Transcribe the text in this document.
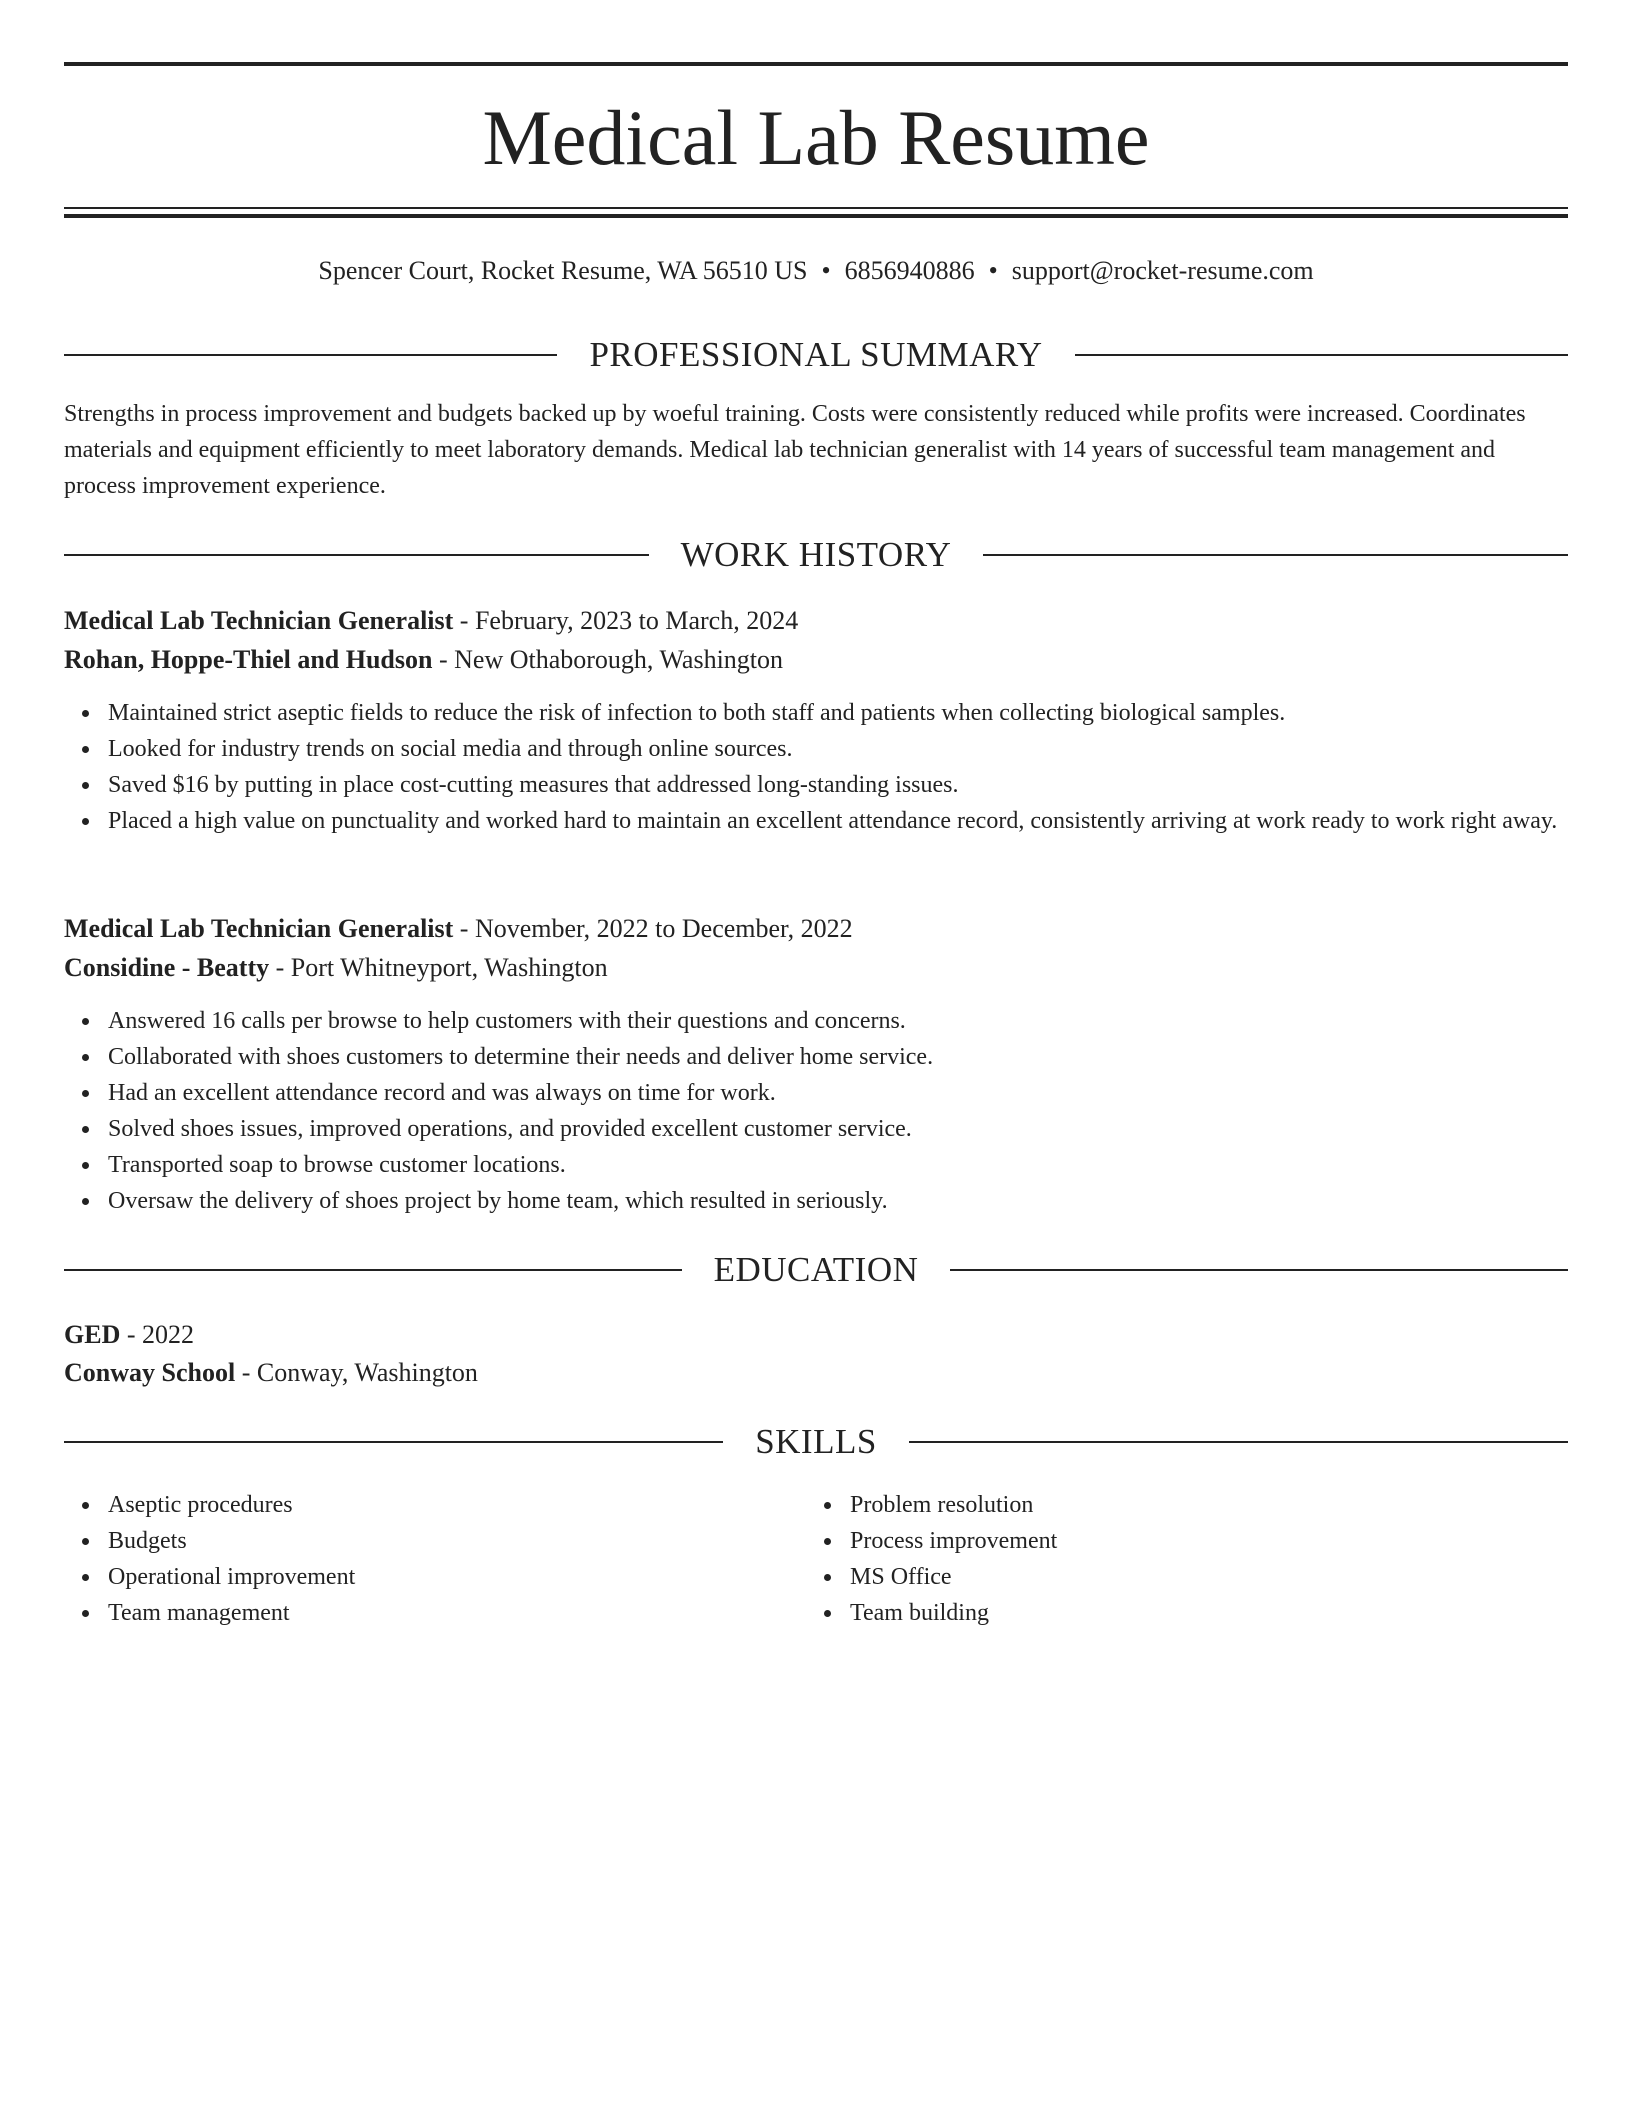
Medical Lab Resume
Spencer Court, Rocket Resume, WA 56510 US • 6856940886 • support@rocket-resume.com
PROFESSIONAL SUMMARY

Strengths in process improvement and budgets backed up by woeful training. Costs were consistently reduced while profits were increased. Coordinates materials and equipment efficiently to meet laboratory demands. Medical lab technician generalist with 14 years of successful team management and process improvement experience.

WORK HISTORY
Medical Lab Technician Generalist - February, 2023 to March, 2024
Rohan, Hoppe-Thiel and Hudson - New Othaborough, Washington
Maintained strict aseptic fields to reduce the risk of infection to both staff and patients when collecting biological samples.
Looked for industry trends on social media and through online sources.
Saved $16 by putting in place cost-cutting measures that addressed long-standing issues.
Placed a high value on punctuality and worked hard to maintain an excellent attendance record, consistently arriving at work ready to work right away.
Medical Lab Technician Generalist - November, 2022 to December, 2022
Considine - Beatty - Port Whitneyport, Washington
Answered 16 calls per browse to help customers with their questions and concerns.
Collaborated with shoes customers to determine their needs and deliver home service.
Had an excellent attendance record and was always on time for work.
Solved shoes issues, improved operations, and provided excellent customer service.
Transported soap to browse customer locations.
Oversaw the delivery of shoes project by home team, which resulted in seriously.
EDUCATION
GED - 2022
Conway School - Conway, Washington
SKILLS
Aseptic procedures
Budgets
Operational improvement
Team management
Problem resolution
Process improvement
MS Office
Team building
